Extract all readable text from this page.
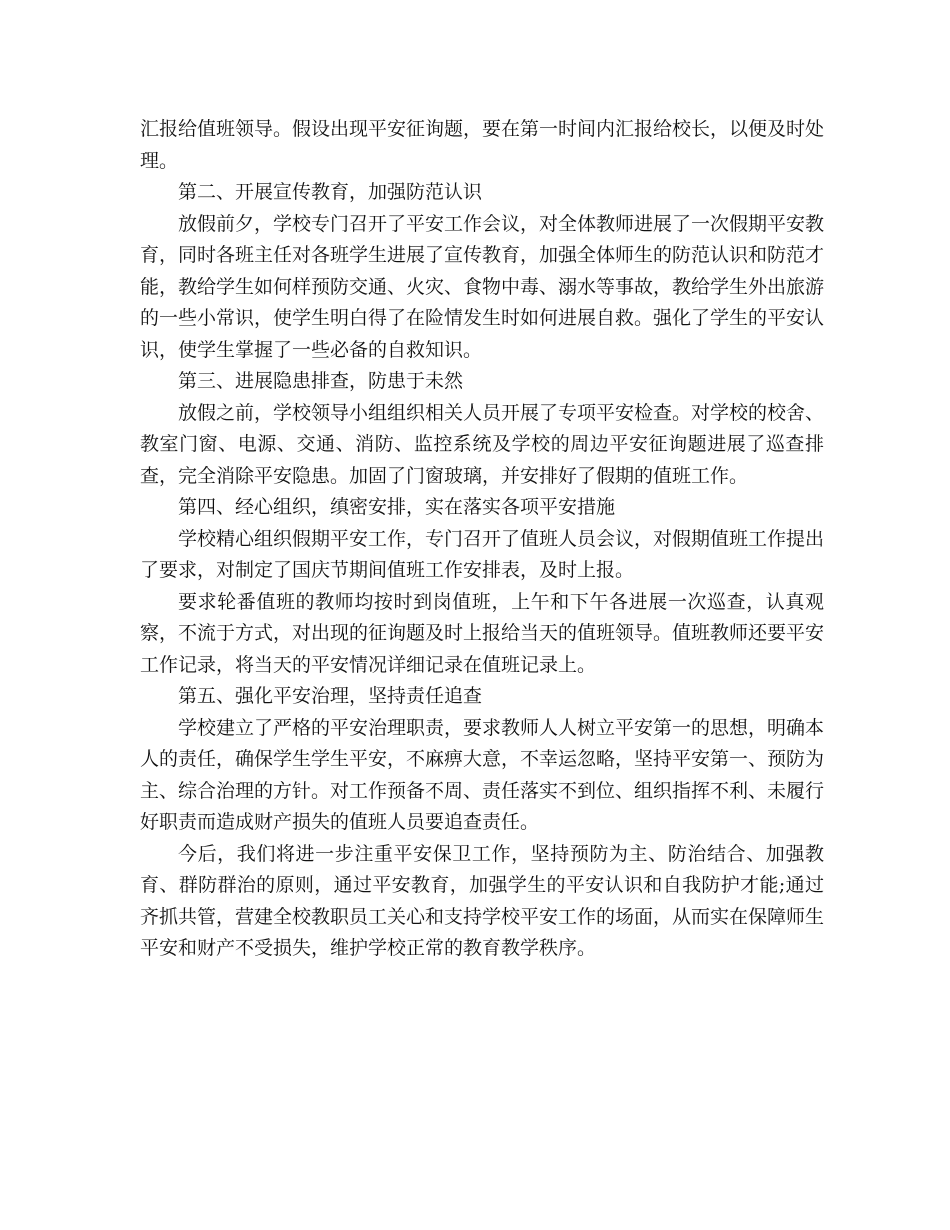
汇报给值班领导。假设出现平安征询题，要在第一时间内汇报给校长，以便及时处理。

第二、开展宣传教育，加强防范认识

放假前夕，学校专门召开了平安工作会议，对全体教师进展了一次假期平安教育，同时各班主任对各班学生进展了宣传教育，加强全体师生的防范认识和防范才能，教给学生如何样预防交通、火灾、食物中毒、溺水等事故，教给学生外出旅游的一些小常识，使学生明白得了在险情发生时如何进展自救。强化了学生的平安认识，使学生掌握了一些必备的自救知识。

第三、进展隐患排查，防患于未然

放假之前，学校领导小组组织相关人员开展了专项平安检查。对学校的校舍、教室门窗、电源、交通、消防、监控系统及学校的周边平安征询题进展了巡查排查，完全消除平安隐患。加固了门窗玻璃，并安排好了假期的值班工作。

第四、经心组织，缜密安排，实在落实各项平安措施

学校精心组织假期平安工作，专门召开了值班人员会议，对假期值班工作提出了要求，对制定了国庆节期间值班工作安排表，及时上报。

要求轮番值班的教师均按时到岗值班，上午和下午各进展一次巡查，认真观察，不流于方式，对出现的征询题及时上报给当天的值班领导。值班教师还要平安工作记录，将当天的平安情况详细记录在值班记录上。

第五、强化平安治理，坚持责任追查

学校建立了严格的平安治理职责，要求教师人人树立平安第一的思想，明确本人的责任，确保学生学生平安，不麻痹大意，不幸运忽略，坚持平安第一、预防为主、综合治理的方针。对工作预备不周、责任落实不到位、组织指挥不利、未履行好职责而造成财产损失的值班人员要追查责任。

今后，我们将进一步注重平安保卫工作，坚持预防为主、防治结合、加强教育、群防群治的原则，通过平安教育，加强学生的平安认识和自我防护才能;通过齐抓共管，营建全校教职员工关心和支持学校平安工作的场面，从而实在保障师生平安和财产不受损失，维护学校正常的教育教学秩序。
